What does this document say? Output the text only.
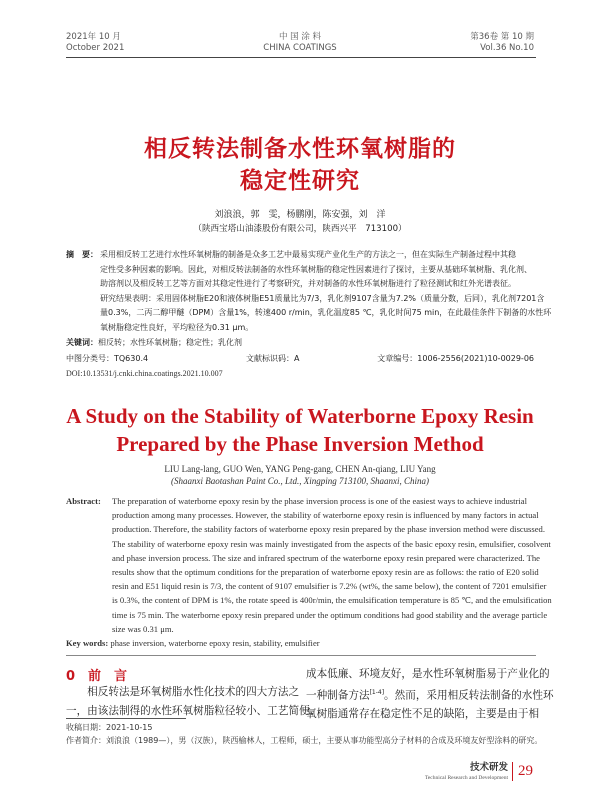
2021年 10 月
October 2021
中 国 涂 料
CHINA COATINGS
第36卷 第 10 期
Vol.36 No.10
相反转法制备水性环氧树脂的
稳定性研究
刘浪浪，郭　雯，杨鹏刚，陈安强，刘　洋
（陕西宝塔山油漆股份有限公司，陕西兴平　713100）
摘　要： 采用相反转工艺进行水性环氧树脂的制备是众多工艺中最易实现产业化生产的方法之一，但在实际生产制备过程中其稳
定性受多种因素的影响。因此，对相反转法制备的水性环氧树脂的稳定性因素进行了探讨，主要从基础环氧树脂、乳化剂、
助溶剂以及相反转工艺等方面对其稳定性进行了考察研究，并对制备的水性环氧树脂进行了粒径测试和红外光谱表征。
研究结果表明：采用固体树脂E20和液体树脂E51质量比为7/3，乳化剂9107含量为7.2%（质量分数，后同），乳化剂7201含
量0.3%，二丙二醇甲醚（DPM）含量1%，转速400 r/min，乳化温度85 ℃，乳化时间75 min，在此最佳条件下制备的水性环
氧树脂稳定性良好，平均粒径为0.31 μm。
关键词：相反转；水性环氧树脂；稳定性；乳化剂
中图分类号：TQ630.4	文献标识码：A	文章编号：1006-2556(2021)10-0029-06
DOI:10.13531/j.cnki.china.coatings.2021.10.007
A Study on the Stability of Waterborne Epoxy Resin
Prepared by the Phase Inversion Method
LIU Lang-lang, GUO Wen, YANG Peng-gang, CHEN An-qiang, LIU Yang
(Shaanxi Baotashan Paint Co., Ltd., Xingping 713100, Shaanxi, China)
Abstract:	The preparation of waterborne epoxy resin by the phase inversion process is one of the easiest ways to achieve industrial
production among many processes. However, the stability of waterborne epoxy resin is influenced by many factors in actual
production. Therefore, the stability factors of waterborne epoxy resin prepared by the phase inversion method were discussed.
The stability of waterborne epoxy resin was mainly investigated from the aspects of the basic epoxy resin, emulsifier, cosolvent
and phase inversion process. The size and infrared spectrum of the waterborne epoxy resin prepared were characterized. The
results show that the optimum conditions for the preparation of waterborne epoxy resin are as follows: the ratio of E20 solid
resin and E51 liquid resin is 7/3, the content of 9107 emulsifier is 7.2% (wt%, the same below), the content of 7201 emulsifier
is 0.3%, the content of DPM is 1%, the rotate speed is 400r/min, the emulsification temperature is 85 ℃, and the emulsification
time is 75 min. The waterborne epoxy resin prepared under the optimum conditions had good stability and the average particle
size was 0.31 μm.
Key words: phase inversion, waterborne epoxy resin, stability, emulsifier
0　前　言
　　相反转法是环氧树脂水性化技术的四大方法之
一，由该法制得的水性环氧树脂粒径较小、工艺简便、
成本低廉、环境友好，是水性环氧树脂易于产业化的
一种制备方法[1-4]。然而，采用相反转法制备的水性环
氧树脂通常存在稳定性不足的缺陷，主要是由于相
收稿日期：2021-10-15
作者简介：刘浪浪（1989—），男（汉族），陕西榆林人，工程师，硕士，主要从事功能型高分子材料的合成及环境友好型涂料的研究。
技术研发
Technical Research and Development 29
